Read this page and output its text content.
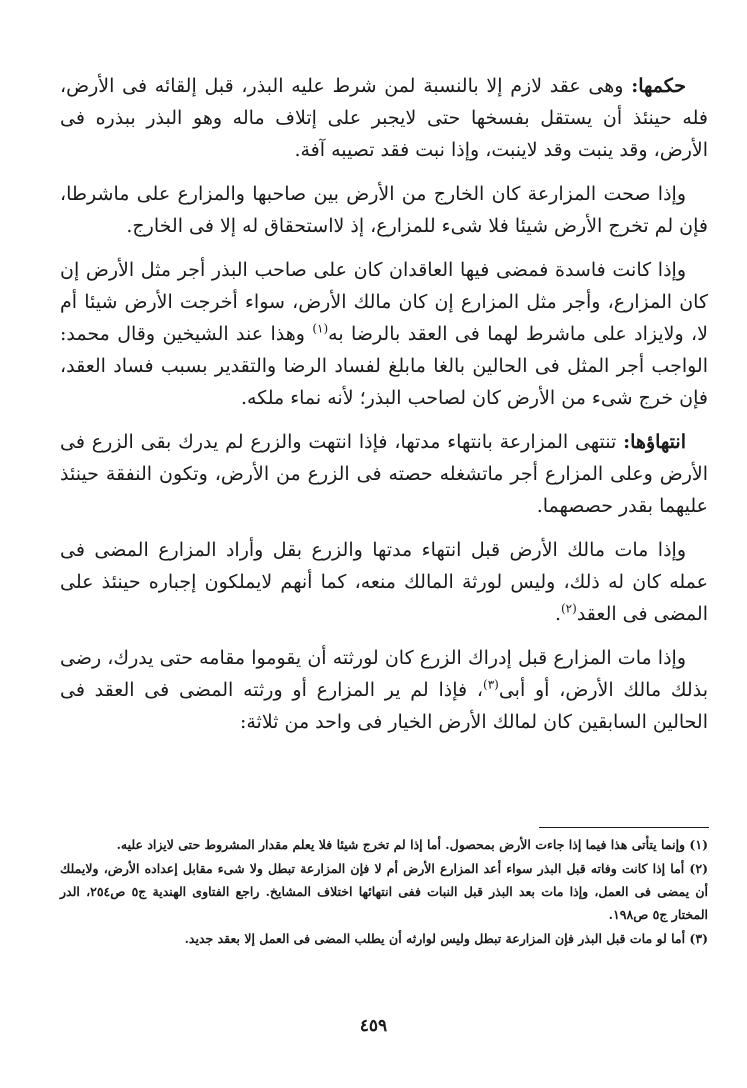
حكمها: وهى عقد لازم إلا بالنسبة لمن شرط عليه البذر، قبل إلقائه فى الأرض، فله حينئذ أن يستقل بفسخها حتى لايجبر على إتلاف ماله وهو البذر ببذره فى الأرض، وقد ينبت وقد لاينبت، وإذا نبت فقد تصيبه آفة.

وإذا صحت المزارعة كان الخارج من الأرض بين صاحبها والمزارع على ماشرطا، فإن لم تخرج الأرض شيئا فلا شىء للمزارع، إذ لااستحقاق له إلا فى الخارج.

وإذا كانت فاسدة فمضى فيها العاقدان كان على صاحب البذر أجر مثل الأرض إن كان المزارع، وأجر مثل المزارع إن كان مالك الأرض، سواء أخرجت الأرض شيئا أم لا، ولايزاد على ماشرط لهما فى العقد بالرضا به$^{(١)}$ وهذا عند الشيخين وقال محمد: الواجب أجر المثل فى الحالين بالغا مابلغ لفساد الرضا والتقدير بسبب فساد العقد، فإن خرج شىء من الأرض كان لصاحب البذر؛ لأنه نماء ملكه.

انتهاؤها: تنتهى المزارعة بانتهاء مدتها، فإذا انتهت والزرع لم يدرك بقى الزرع فى الأرض وعلى المزارع أجر ماتشغله حصته فى الزرع من الأرض، وتكون النفقة حينئذ عليهما بقدر حصصهما.

وإذا مات مالك الأرض قبل انتهاء مدتها والزرع بقل وأراد المزارع المضى فى عمله كان له ذلك، وليس لورثة المالك منعه، كما أنهم لايملكون إجباره حينئذ على المضى فى العقد$^{(٢)}$.

وإذا مات المزارع قبل إدراك الزرع كان لورثته أن يقوموا مقامه حتى يدرك، رضى بذلك مالك الأرض، أو أبى$^{(٣)}$، فإذا لم ير المزارع أو ورثته المضى فى العقد فى الحالين السابقين كان لمالك الأرض الخيار فى واحد من ثلاثة:

(١) وإنما يتأتى هذا فيما إذا جاءت الأرض بمحصول. أما إذا لم تخرج شيئا فلا يعلم مقدار المشروط حتى لايزاد عليه.

(٢) أما إذا كانت وفاته قبل البذر سواء أعد المزارع الأرض أم لا فإن المزارعة تبطل ولا شىء مقابل إعداده الأرض، ولايملك أن يمضى فى العمل، وإذا مات بعد البذر قبل النبات ففى انتهائها اختلاف المشايخ. راجع الفتاوى الهندية ج٥ ص٢٥٤، الدر المختار ج٥ ص١٩٨.

(٣) أما لو مات قبل البذر فإن المزارعة تبطل وليس لوارثه أن يطلب المضى فى العمل إلا بعقد جديد.

٤٥٩
